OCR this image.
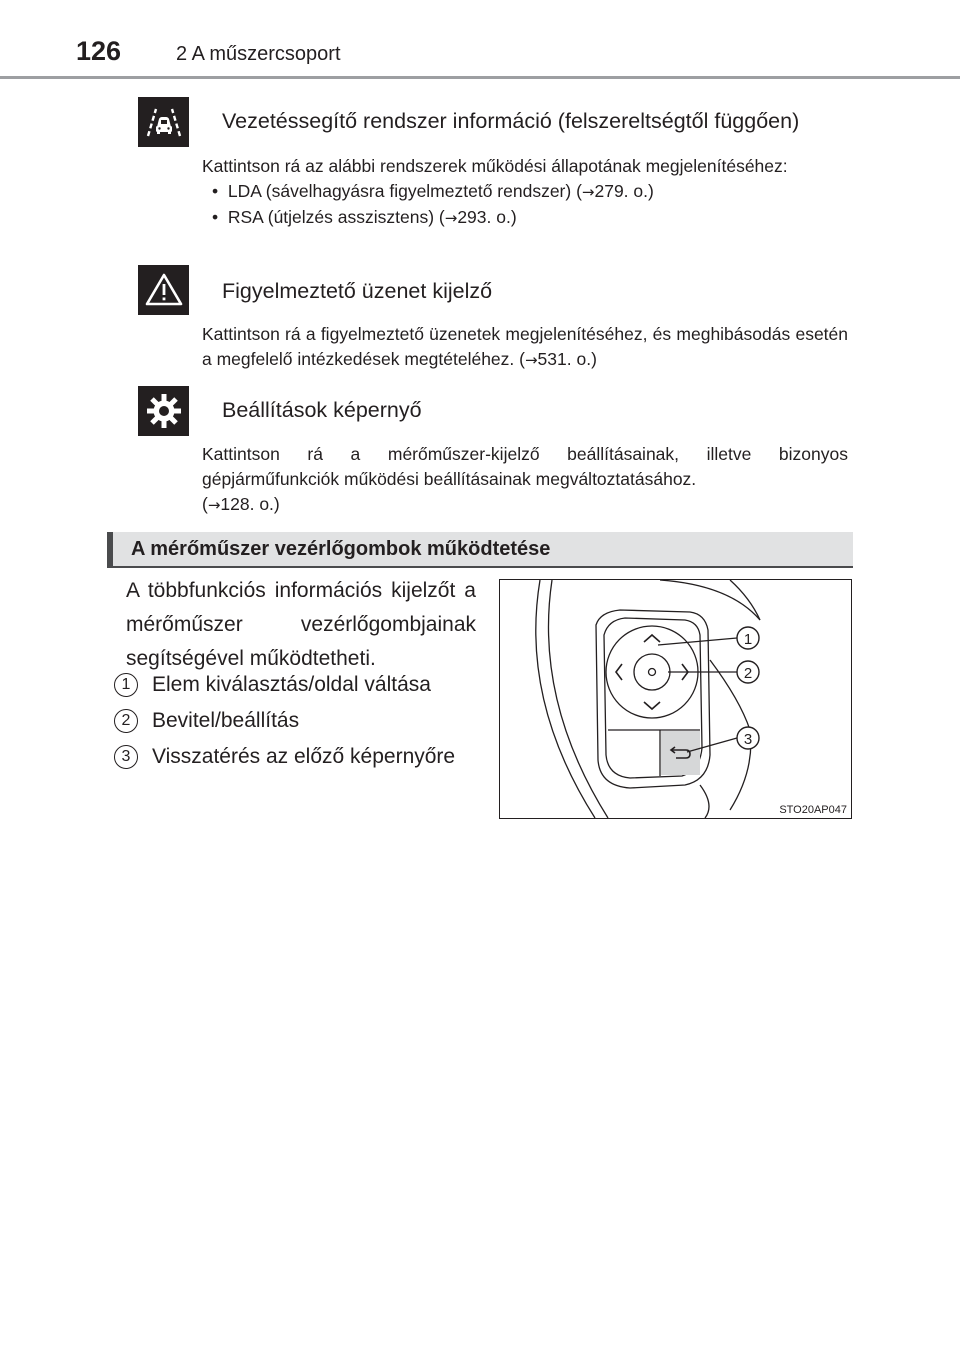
126	2 A műszercsoport
Vezetéssegítő rendszer információ (felszereltségtől függően)

Kattintson rá az alábbi rendszerek működési állapotának megjelenítéséhez:

•  LDA (sávelhagyásra figyelmeztető rendszer) (→279. o.)

•  RSA (útjelzés asszisztens) (→293. o.)

Figyelmeztető üzenet kijelző

Kattintson rá a figyelmeztető üzenetek megjelenítéséhez, és meghibásodás esetén a megfelelő intézkedések megtételéhez. (→531. o.)

Beállítások képernyő

Kattintson rá a mérőműszer-kijelző beállításainak, illetve bizonyos gépjárműfunkciók működési beállításainak megváltoztatásához.

(→128. o.)

A mérőműszer vezérlőgombok működtetése

A többfunkciós információs kijelzőt a mérőműszer vezérlőgombjainak segítségével működtetheti.

1	Elem kiválasztás/oldal váltása
2	Bevitel/beállítás
3	Visszatérés az előző képernyőre
1
2
3
STO20AP047
